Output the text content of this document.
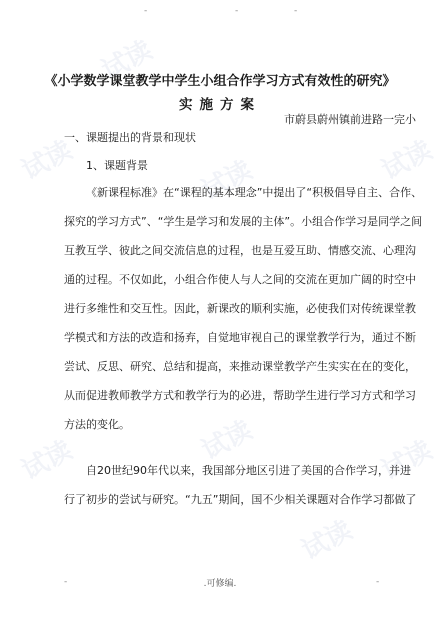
试读	试读	试读
试读	试读	试读
试读
试读
-	-	-
《小学数学课堂教学中学生小组合作学习方式有效性的研究》
实施方案
市蔚县蔚州镇前进路一完小
一、课题提出的背景和现状
1、课题背景
《新课程标准》在“课程的基本理念”中提出了“积极倡导自主、合作、
探究的学习方式”、“学生是学习和发展的主体”。小组合作学习是同学之间
互教互学、彼此之间交流信息的过程，也是互爱互助、情感交流、心理沟
通的过程。不仅如此，小组合作使人与人之间的交流在更加广阔的时空中
进行多维性和交互性。因此，新课改的顺利实施，必使我们对传统课堂教
学模式和方法的改造和扬弃，自觉地审视自己的课堂教学行为，通过不断
尝试、反思、研究、总结和提高，来推动课堂教学产生实实在在的变化，
从而促进教师教学方式和教学行为的必进，帮助学生进行学习方式和学习
方法的变化。
自20世纪90年代以来，我国部分地区引进了美国的合作学习，并进
行了初步的尝试与研究。“九五”期间，国不少相关课题对合作学习都做了
-	.可修编.	-
